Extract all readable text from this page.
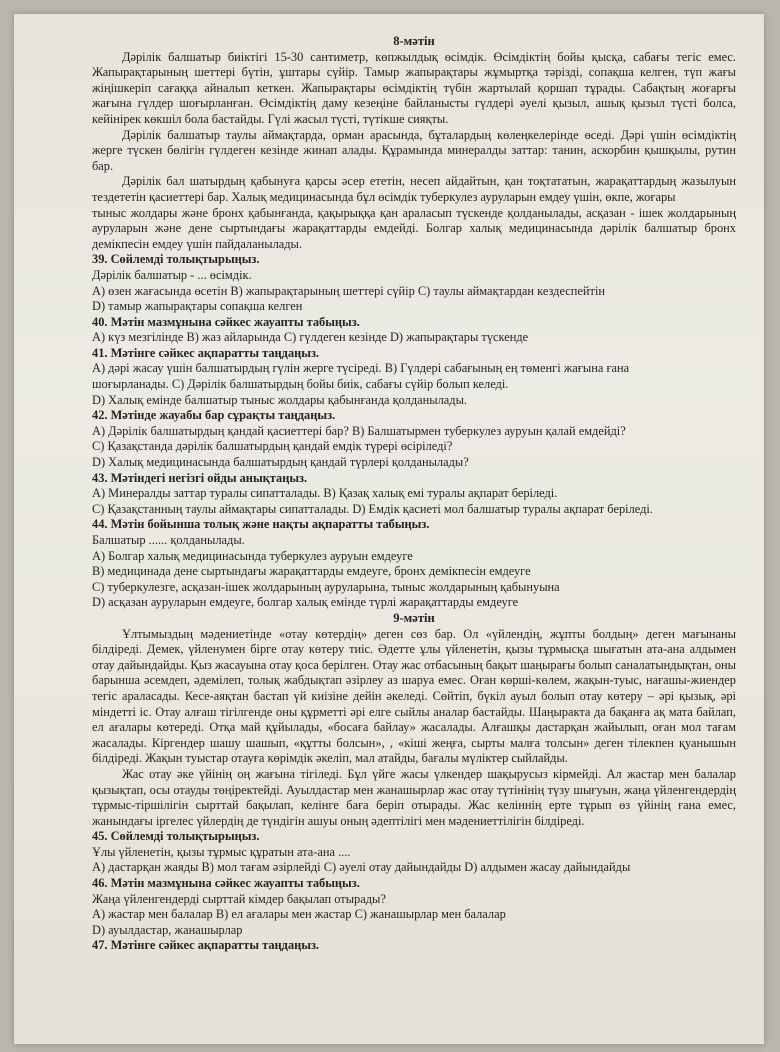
8-мәтін
Дәрілік балшатыр биіктігі 15-30 сантиметр, көпжылдық өсімдік. Өсімдіктің бойы қысқа, сабағы тегіс емес. Жапырақтарының шеттері бүтін, ұштары сүйір. Тамыр жапырақтары жұмыртқа тәрізді, сопақша келген, түп жағы жіңішкеріп сағаққа айналып кеткен. Жапырақтары өсімдіктің түбін жартылай қоршап тұрады. Сабақтың жоғарғы жағына гүлдер шоғырланған. Өсімдіктің даму кезеңіне байланысты гүлдері әуелі қызыл, ашық қызыл түсті болса, кейінірек көкшіл бола бастайды. Гүлі жасыл түсті, түтікше сияқты.
Дәрілік балшатыр таулы аймақтарда, орман арасында, бұталардың көлеңкелерінде өседі. Дәрі үшін өсімдіктің жерге түскен бөлігін гүлдеген кезінде жинап алады. Құрамында минералды заттар: танин, аскорбин қышқылы, рутин бар.
Дәрілік бал шатырдың қабынуға қарсы әсер ететін, несеп айдайтын, қан тоқтататын, жарақаттардың жазылуын тездететін қасиеттері бар. Халық медицинасында бұл өсімдік туберкулез ауруларын емдеу үшін, өкпе, жоғары
тыныс жолдары және бронх қабынғанда, қақырыққа қан араласып түскенде қолданылады, асқазан - ішек жолдарының ауруларын және дене сыртындағы жарақаттарды емдейді. Болгар халық медицинасында дәрілік балшатыр бронх демікпесін емдеу үшін пайдаланылады.
39. Сөйлемді толықтырыңыз.
Дәрілік балшатыр - ... өсімдік.
А) өзен жағасында өсетін В) жапырақтарының шеттері сүйір С) таулы аймақтардан кездеспейтін
D) тамыр жапырақтары сопақша келген
40. Мәтін мазмұнына сәйкес жауапты табыңыз.
А) күз мезгілінде В) жаз айларында С) гүлдеген кезінде D) жапырақтары түскенде
41. Мәтінге сәйкес ақпаратты таңдаңыз.
А) дәрі жасау үшін балшатырдың гүлін жерге түсіреді. В) Гүлдері сабағының ең төменгі жағына ғана
шоғырланады. С) Дәрілік балшатырдың бойы биік, сабағы сүйір болып келеді.
D) Халық емінде балшатыр тыныс жолдары қабынғанда қолданылады.
42. Мәтінде жауабы бар сұрақты таңдаңыз.
А) Дәрілік балшатырдың қандай қасиеттері бар? В) Балшатырмен туберкулез ауруын қалай емдейді?
С) Қазақстанда дәрілік балшатырдың қандай емдік түрері өсіріледі?
D) Халық медицинасында балшатырдың қандай түрлері қолданылады?
43. Мәтіндегі негізгі ойды анықтаңыз.
А) Минералды заттар туралы сипатталады. В) Қазақ халық емі туралы ақпарат беріледі.
С) Қазақстанның таулы аймақтары сипатталады. D) Емдік қасиеті мол балшатыр туралы ақпарат беріледі.
44. Мәтін бойынша толық және нақты ақпаратты табыңыз.
Балшатыр ...... қолданылады.
А) Болгар халық медицинасында туберкулез ауруын емдеуге
В) медицинада дене сыртындағы жарақаттарды емдеуге, бронх демікпесін емдеуге
С) туберкулезге, асқазан-ішек жолдарының ауруларына, тыныс жолдарының қабынуына
D) асқазан ауруларын емдеуге, болгар халық емінде түрлі жарақаттарды емдеуге
9-мәтін
Ұлтымыздың мәдениетінде «отау көтердің» деген сөз бар. Ол «үйлендің, жұпты болдың» деген мағынаны білдіреді. Демек, үйленумен бірге отау көтеру тиіс. Әдетте ұлы үйленетін, қызы тұрмысқа шығатын ата-ана алдымен отау дайындайды. Қыз жасауына отау қоса берілген. Отау жас отбасының бақыт шаңырағы болып саналатындықтан, оны барынша әсемдеп, әдемілеп, толық жабдықтап әзірлеу аз шаруа емес. Оған көрші-көлем, жақын-туыс, нағашы-жиендер тегіс араласады. Кесе-аяқтан бастап үй киізіне дейін әкеледі. Сөйтіп, бүкіл ауыл болып отау көтеру – әрі қызық, әрі міндетті іс. Отау алғаш тігілгенде оны құрметті әрі елге сыйлы аналар бастайды. Шаңыракта да бақанға ақ мата байлап, ел ағалары көтереді. Отқа май құйылады, «босаға байлау» жасалады. Алғашқы дастарқан жайылып, оған мол тағам жасалады. Кіргендер шашу шашып, «құтты болсын», , «кіші жеңға, сырты малға толсын» деген тілекпен қуанышын білдіреді. Жақын туыстар отауға көрімдік әкеліп, мал атайды, бағалы мүліктер сыйлайды.
Жас отау әке үйінің оң жағына тігіледі. Бұл үйге жасы үлкендер шақырусыз кірмейді. Ал жастар мен балалар қызықтап, осы отауды төңіректейді. Ауылдастар мен жанашырлар жас отау түтінінің түзу шығуын, жаңа үйленгендердің тұрмыс-тіршілігін сырттай бақылап, келінге баға беріп отырады. Жас келіннің ерте тұрып өз үйінің ғана емес, жанындағы іргелес үйлердің де түндігін ашуы оның әдептілігі мен мәдениеттілігін білдіреді.
45. Сөйлемді толықтырыңыз.
Ұлы үйленетін, қызы тұрмыс құратын ата-ана ....
А) дастарқан жаяды В) мол тағам әзірлейді С) әуелі отау дайындайды D) алдымен жасау дайындайды
46. Мәтін мазмұнына сәйкес жауапты табыңыз.
Жаңа үйленгендерді сырттай кімдер бақылап отырады?
А) жастар мен балалар В) ел ағалары мен жастар С) жанашырлар мен балалар
D) ауылдастар, жанашырлар
47. Мәтінге сәйкес ақпаратты таңдаңыз.
